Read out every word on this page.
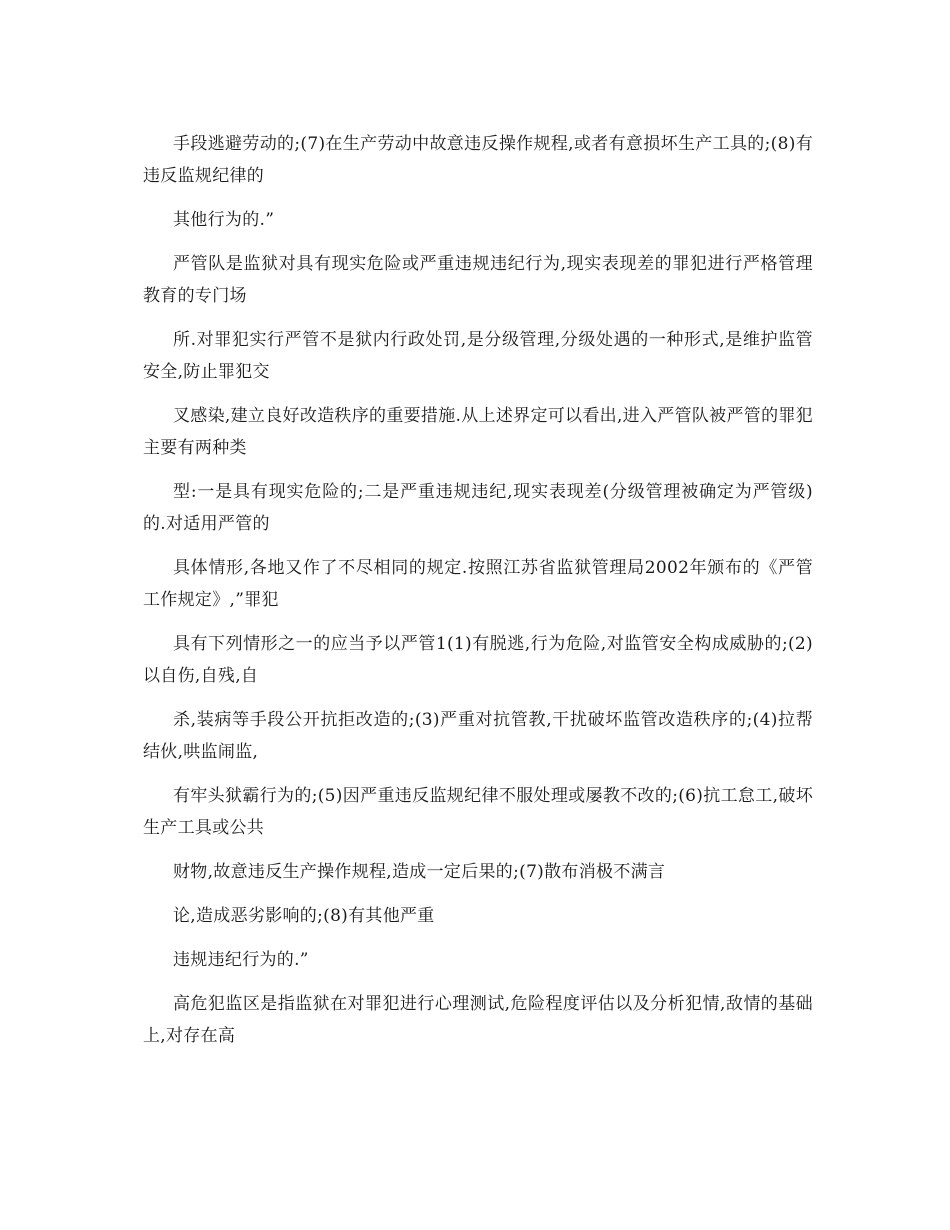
手段逃避劳动的;(7)在生产劳动中故意违反操作规程,或者有意损坏生产工具的;(8)有违反监规纪律的

其他行为的.”

严管队是监狱对具有现实危险或严重违规违纪行为,现实表现差的罪犯进行严格管理教育的专门场

所.对罪犯实行严管不是狱内行政处罚,是分级管理,分级处遇的一种形式,是维护监管安全,防止罪犯交

叉感染,建立良好改造秩序的重要措施.从上述界定可以看出,进入严管队被严管的罪犯主要有两种类

型:一是具有现实危险的;二是严重违规违纪,现实表现差(分级管理被确定为严管级)的.对适用严管的

具体情形,各地又作了不尽相同的规定.按照江苏省监狱管理局2002年颁布的《严管工作规定》,”罪犯

具有下列情形之一的应当予以严管1(1)有脱逃,行为危险,对监管安全构成威胁的;(2)以自伤,自残,自

杀,装病等手段公开抗拒改造的;(3)严重对抗管教,干扰破坏监管改造秩序的;(4)拉帮结伙,哄监闹监,

有牢头狱霸行为的;(5)因严重违反监规纪律不服处理或屡教不改的;(6)抗工怠工,破坏生产工具或公共

财物,故意违反生产操作规程,造成一定后果的;(7)散布消极不满言

论,造成恶劣影响的;(8)有其他严重

违规违纪行为的.”

高危犯监区是指监狱在对罪犯进行心理测试,危险程度评估以及分析犯情,敌情的基础上,对存在高
